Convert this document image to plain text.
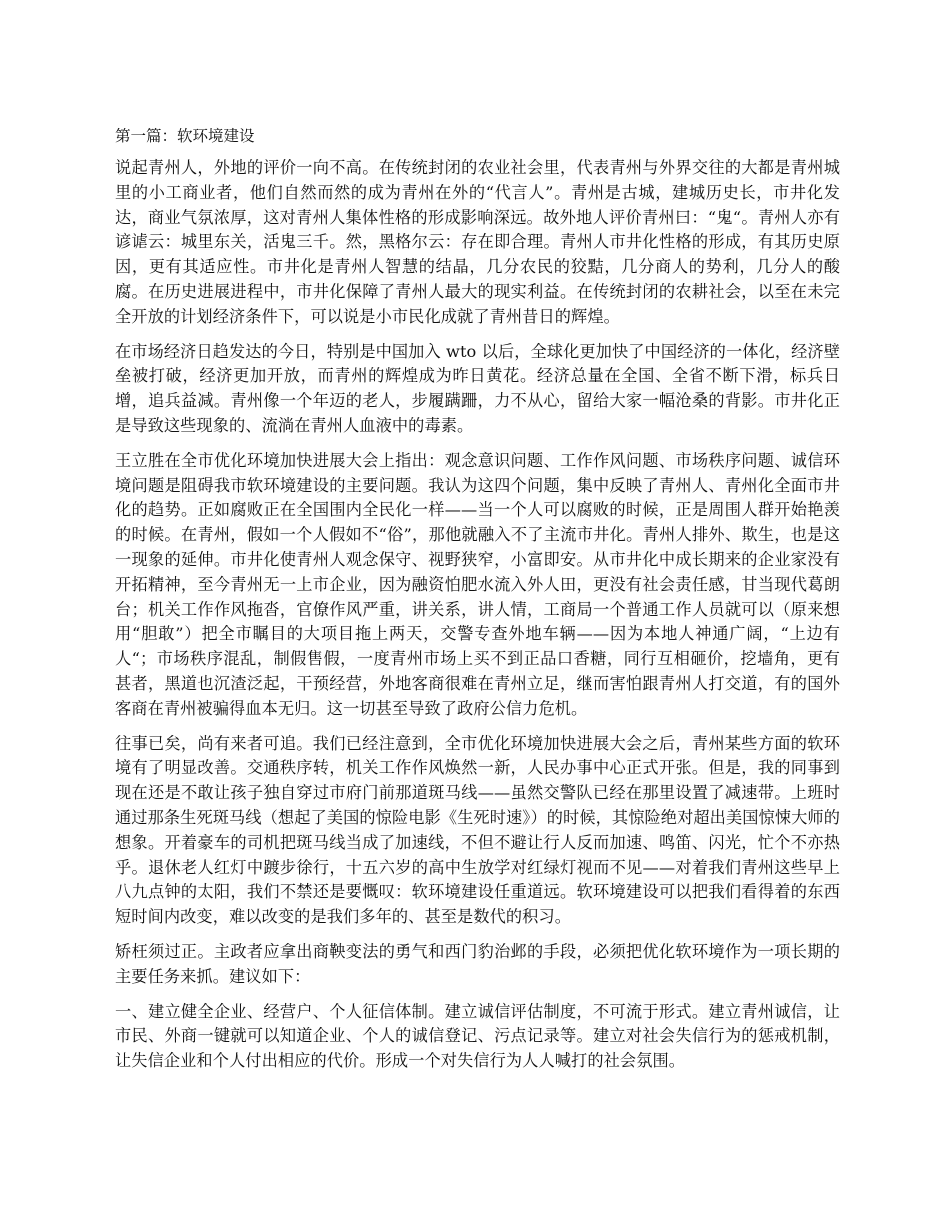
第一篇：软环境建设

说起青州人，外地的评价一向不高。在传统封闭的农业社会里，代表青州与外界交往的大都是青州城里的小工商业者，他们自然而然的成为青州在外的“代言人”。青州是古城，建城历史长，市井化发达，商业气氛浓厚，这对青州人集体性格的形成影响深远。故外地人评价青州曰：“鬼“。青州人亦有谚谑云：城里东关，活鬼三千。然，黑格尔云：存在即合理。青州人市井化性格的形成，有其历史原因，更有其适应性。市井化是青州人智慧的结晶，几分农民的狡黠，几分商人的势利，几分人的酸腐。在历史进展进程中，市井化保障了青州人最大的现实利益。在传统封闭的农耕社会，以至在未完全开放的计划经济条件下，可以说是小市民化成就了青州昔日的辉煌。

在市场经济日趋发达的今日，特别是中国加入 wto 以后，全球化更加快了中国经济的一体化，经济壁垒被打破，经济更加开放，而青州的辉煌成为昨日黄花。经济总量在全国、全省不断下滑，标兵日增，追兵益减。青州像一个年迈的老人，步履蹒跚，力不从心，留给大家一幅沧桑的背影。市井化正是导致这些现象的、流淌在青州人血液中的毒素。

王立胜在全市优化环境加快进展大会上指出：观念意识问题、工作作风问题、市场秩序问题、诚信环境问题是阻碍我市软环境建设的主要问题。我认为这四个问题，集中反映了青州人、青州化全面市井化的趋势。正如腐败正在全国围内全民化一样——当一个人可以腐败的时候，正是周围人群开始艳羡的时候。在青州，假如一个人假如不“俗”，那他就融入不了主流市井化。青州人排外、欺生，也是这一现象的延伸。市井化使青州人观念保守、视野狭窄，小富即安。从市井化中成长期来的企业家没有开拓精神，至今青州无一上市企业，因为融资怕肥水流入外人田，更没有社会责任感，甘当现代葛朗台；机关工作作风拖沓，官僚作风严重，讲关系，讲人情，工商局一个普通工作人员就可以（原来想用“胆敢”）把全市瞩目的大项目拖上两天，交警专查外地车辆——因为本地人神通广阔，“上边有人“；市场秩序混乱，制假售假，一度青州市场上买不到正品口香糖，同行互相砸价，挖墙角，更有甚者，黑道也沉渣泛起，干预经营，外地客商很难在青州立足，继而害怕跟青州人打交道，有的国外客商在青州被骗得血本无归。这一切甚至导致了政府公信力危机。

往事已矣，尚有来者可追。我们已经注意到，全市优化环境加快进展大会之后，青州某些方面的软环境有了明显改善。交通秩序转，机关工作作风焕然一新，人民办事中心正式开张。但是，我的同事到现在还是不敢让孩子独自穿过市府门前那道斑马线——虽然交警队已经在那里设置了减速带。上班时通过那条生死斑马线（想起了美国的惊险电影《生死时速》）的时候，其惊险绝对超出美国惊悚大师的想象。开着豪车的司机把斑马线当成了加速线，不但不避让行人反而加速、鸣笛、闪光，忙个不亦热乎。退休老人红灯中踱步徐行，十五六岁的高中生放学对红绿灯视而不见——对着我们青州这些早上八九点钟的太阳，我们不禁还是要慨叹：软环境建设任重道远。软环境建设可以把我们看得着的东西短时间内改变，难以改变的是我们多年的、甚至是数代的积习。

矫枉须过正。主政者应拿出商鞅变法的勇气和西门豹治邺的手段，必须把优化软环境作为一项长期的主要任务来抓。建议如下：

一、建立健全企业、经营户、个人征信体制。建立诚信评估制度，不可流于形式。建立青州诚信，让市民、外商一键就可以知道企业、个人的诚信登记、污点记录等。建立对社会失信行为的惩戒机制，让失信企业和个人付出相应的代价。形成一个对失信行为人人喊打的社会氛围。
